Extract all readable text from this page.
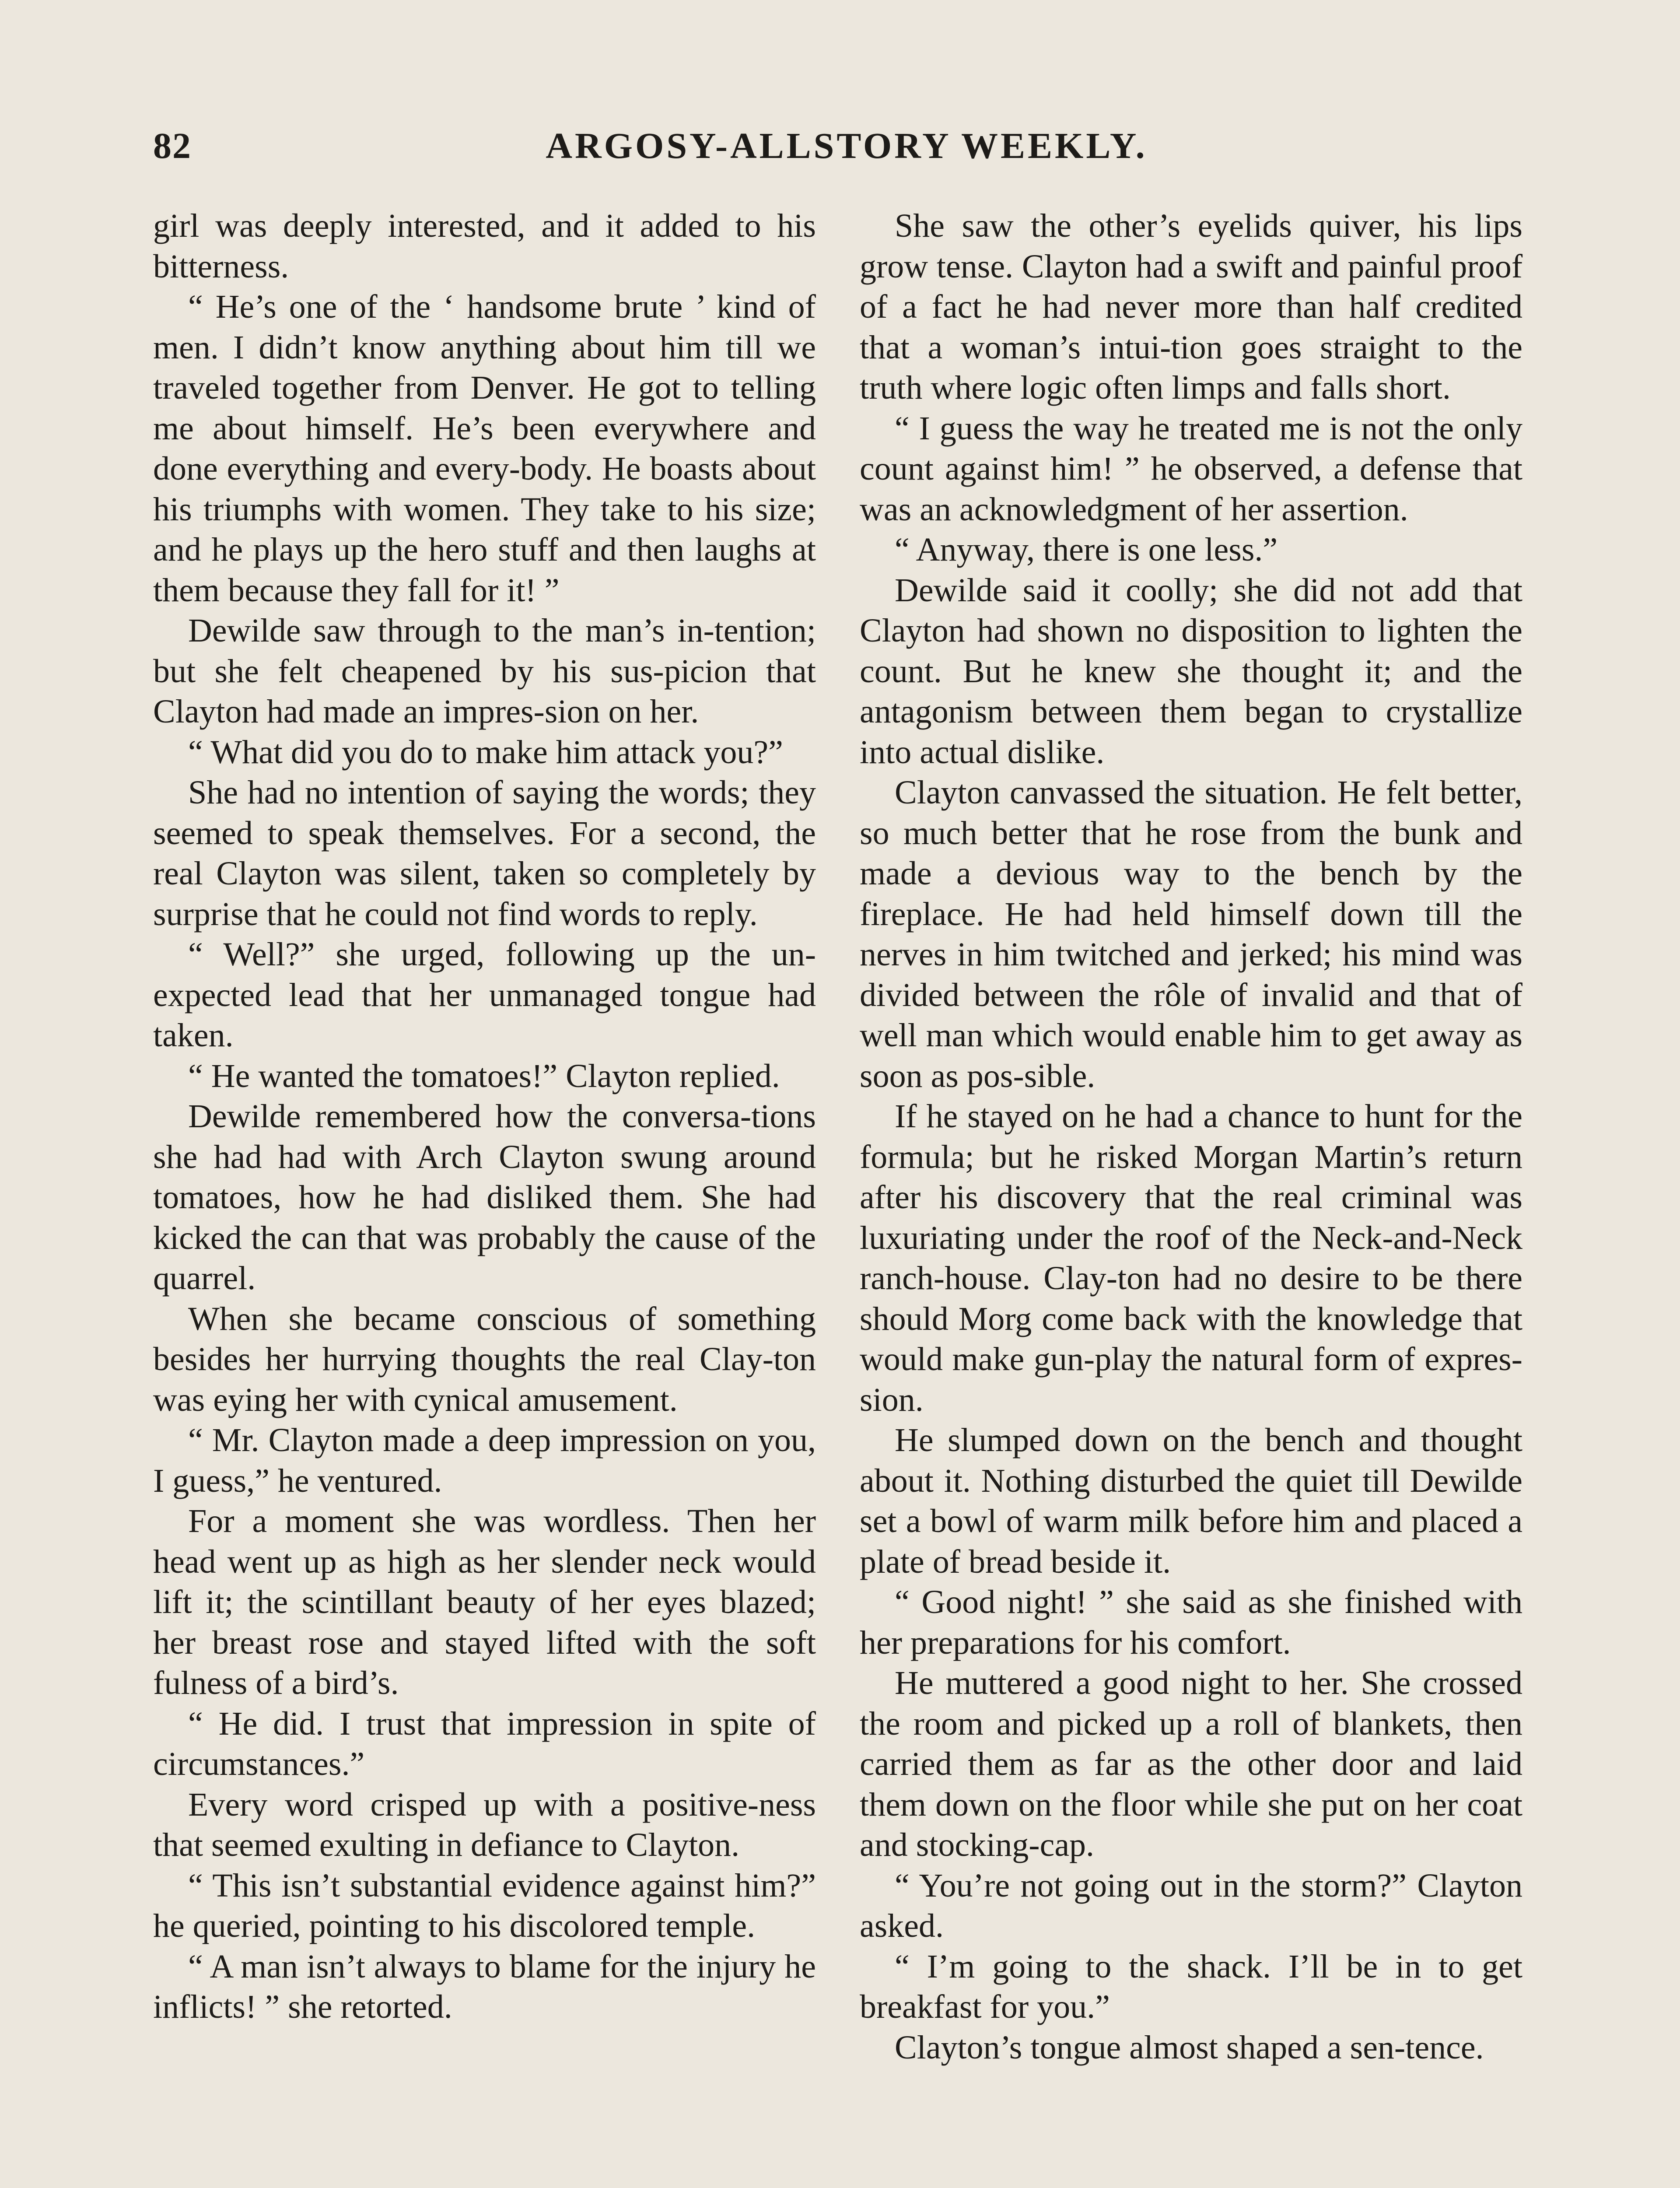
82	ARGOSY-ALLSTORY WEEKLY.

girl was deeply interested, and it added to his bitterness.

“ He’s one of the ‘ handsome brute ’ kind of men. I didn’t know anything about him till we traveled together from Denver. He got to telling me about himself. He’s been everywhere and done everything and every-body. He boasts about his triumphs with women. They take to his size; and he plays up the hero stuff and then laughs at them because they fall for it! ”

Dewilde saw through to the man’s in-tention; but she felt cheapened by his sus-picion that Clayton had made an impres-sion on her.

“ What did you do to make him attack you?”

She had no intention of saying the words; they seemed to speak themselves. For a second, the real Clayton was silent, taken so completely by surprise that he could not find words to reply.

“ Well?” she urged, following up the un-expected lead that her unmanaged tongue had taken.

“ He wanted the tomatoes!” Clayton replied.

Dewilde remembered how the conversa-tions she had had with Arch Clayton swung around tomatoes, how he had disliked them. She had kicked the can that was probably the cause of the quarrel.

When she became conscious of something besides her hurrying thoughts the real Clay-ton was eying her with cynical amusement.

“ Mr. Clayton made a deep impression on you, I guess,” he ventured.

For a moment she was wordless. Then her head went up as high as her slender neck would lift it; the scintillant beauty of her eyes blazed; her breast rose and stayed lifted with the soft fulness of a bird’s.

“ He did. I trust that impression in spite of circumstances.”

Every word crisped up with a positive-ness that seemed exulting in defiance to Clayton.

“ This isn’t substantial evidence against him?” he queried, pointing to his discolored temple.

“ A man isn’t always to blame for the injury he inflicts! ” she retorted.

She saw the other’s eyelids quiver, his lips grow tense. Clayton had a swift and painful proof of a fact he had never more than half credited that a woman’s intui-tion goes straight to the truth where logic often limps and falls short.

“ I guess the way he treated me is not the only count against him! ” he observed, a defense that was an acknowledgment of her assertion.

“ Anyway, there is one less.”

Dewilde said it coolly; she did not add that Clayton had shown no disposition to lighten the count. But he knew she thought it; and the antagonism between them began to crystallize into actual dislike.

Clayton canvassed the situation. He felt better, so much better that he rose from the bunk and made a devious way to the bench by the fireplace. He had held himself down till the nerves in him twitched and jerked; his mind was divided between the rôle of invalid and that of well man which would enable him to get away as soon as pos-sible.

If he stayed on he had a chance to hunt for the formula; but he risked Morgan Martin’s return after his discovery that the real criminal was luxuriating under the roof of the Neck-and-Neck ranch-house. Clay-ton had no desire to be there should Morg come back with the knowledge that would make gun-play the natural form of expres-sion.

He slumped down on the bench and thought about it. Nothing disturbed the quiet till Dewilde set a bowl of warm milk before him and placed a plate of bread beside it.

“ Good night! ” she said as she finished with her preparations for his comfort.

He muttered a good night to her. She crossed the room and picked up a roll of blankets, then carried them as far as the other door and laid them down on the floor while she put on her coat and stocking-cap.

“ You’re not going out in the storm?” Clayton asked.

“ I’m going to the shack. I’ll be in to get breakfast for you.”

Clayton’s tongue almost shaped a sen-tence.
